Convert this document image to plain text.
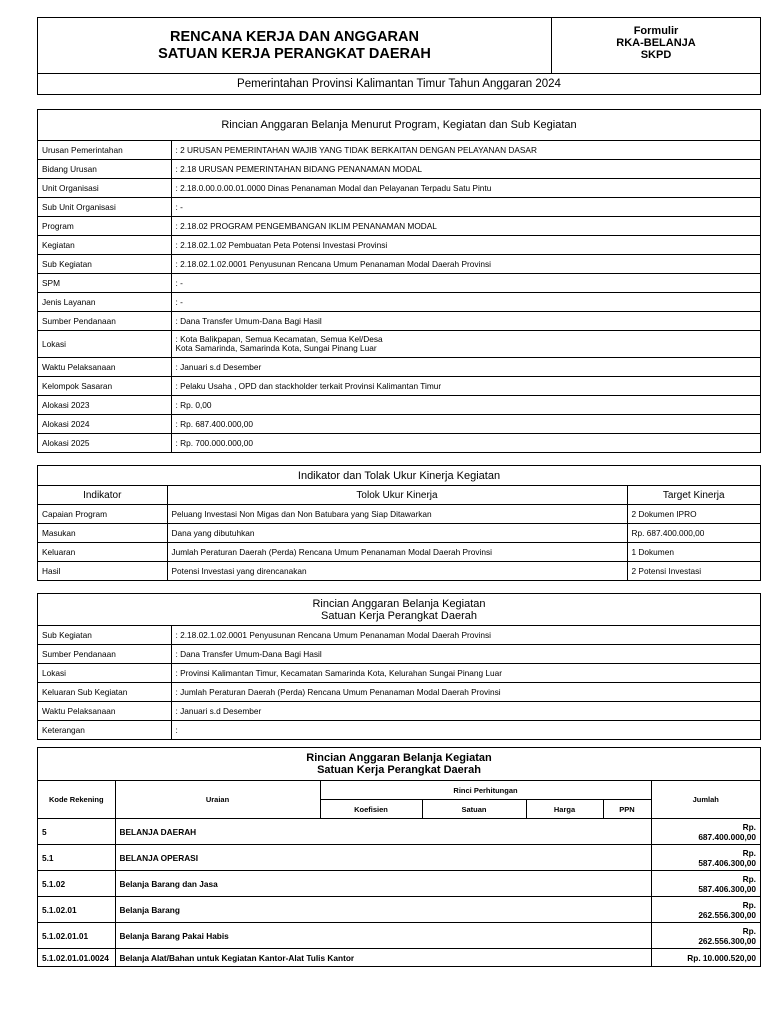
RENCANA KERJA DAN ANGGARAN
SATUAN KERJA PERANGKAT DAERAH
Formulir
RKA-BELANJA
SKPD
Pemerintahan Provinsi Kalimantan Timur Tahun Anggaran 2024
Rincian Anggaran Belanja Menurut Program, Kegiatan dan Sub Kegiatan	
Urusan Pemerintahan	: 2 URUSAN PEMERINTAHAN WAJIB YANG TIDAK BERKAITAN DENGAN PELAYANAN DASAR
Bidang Urusan	: 2.18 URUSAN PEMERINTAHAN BIDANG PENANAMAN MODAL
Unit Organisasi	: 2.18.0.00.0.00.01.0000 Dinas Penanaman Modal dan Pelayanan Terpadu Satu Pintu
Sub Unit Organisasi	: -
Program	: 2.18.02 PROGRAM PENGEMBANGAN IKLIM PENANAMAN MODAL
Kegiatan	: 2.18.02.1.02 Pembuatan Peta Potensi Investasi Provinsi
Sub Kegiatan	: 2.18.02.1.02.0001 Penyusunan Rencana Umum Penanaman Modal Daerah Provinsi
SPM	: -
Jenis Layanan	: -
Sumber Pendanaan	: Dana Transfer Umum-Dana Bagi Hasil
Lokasi	: Kota Balikpapan, Semua Kecamatan, Semua Kel/Desa
Kota Samarinda, Samarinda Kota, Sungai Pinang Luar

Waktu Pelaksanaan	: Januari s.d Desember
Kelompok Sasaran	: Pelaku Usaha , OPD dan stackholder terkait Provinsi Kalimantan Timur
Alokasi 2023	: Rp. 0,00
Alokasi 2024	: Rp. 687.400.000,00
Alokasi 2025	: Rp. 700.000.000,00
Indikator dan Tolak Ukur Kinerja Kegiatan		
Indikator	Tolok Ukur Kinerja	Target Kinerja
Capaian Program	Peluang Investasi Non Migas dan Non Batubara yang Siap Ditawarkan	2 Dokumen IPRO
Masukan	Dana yang dibutuhkan	Rp. 687.400.000,00
Keluaran	Jumlah Peraturan Daerah (Perda) Rencana Umum Penanaman Modal Daerah Provinsi	1 Dokumen
Hasil	Potensi Investasi yang direncanakan	2 Potensi Investasi
Rincian Anggaran Belanja Kegiatan
Satuan Kerja Perangkat Daerah	

Sub Kegiatan	: 2.18.02.1.02.0001 Penyusunan Rencana Umum Penanaman Modal Daerah Provinsi
Sumber Pendanaan	: Dana Transfer Umum-Dana Bagi Hasil
Lokasi	: Provinsi Kalimantan Timur, Kecamatan Samarinda Kota, Kelurahan Sungai Pinang Luar
Keluaran Sub Kegiatan	: Jumlah Peraturan Daerah (Perda) Rencana Umum Penanaman Modal Daerah Provinsi
Waktu Pelaksanaan	: Januari s.d Desember
Keterangan	:
Rincian Anggaran Belanja Kegiatan
Satuan Kerja Perangkat Daerah						

Kode Rekening	Uraian	Rinci Perhitungan				Jumlah
		Koefisien	Satuan	Harga	PPN	
5	BELANJA DAERAH					Rp.
687.400.000,00

5.1	BELANJA OPERASI					Rp.
587.406.300,00

5.1.02	Belanja Barang dan Jasa					Rp.
587.406.300,00

5.1.02.01	Belanja Barang					Rp.
262.556.300,00

5.1.02.01.01	Belanja Barang Pakai Habis					Rp.
262.556.300,00

5.1.02.01.01.0024	Belanja Alat/Bahan untuk Kegiatan Kantor-Alat Tulis Kantor					Rp. 10.000.520,00
